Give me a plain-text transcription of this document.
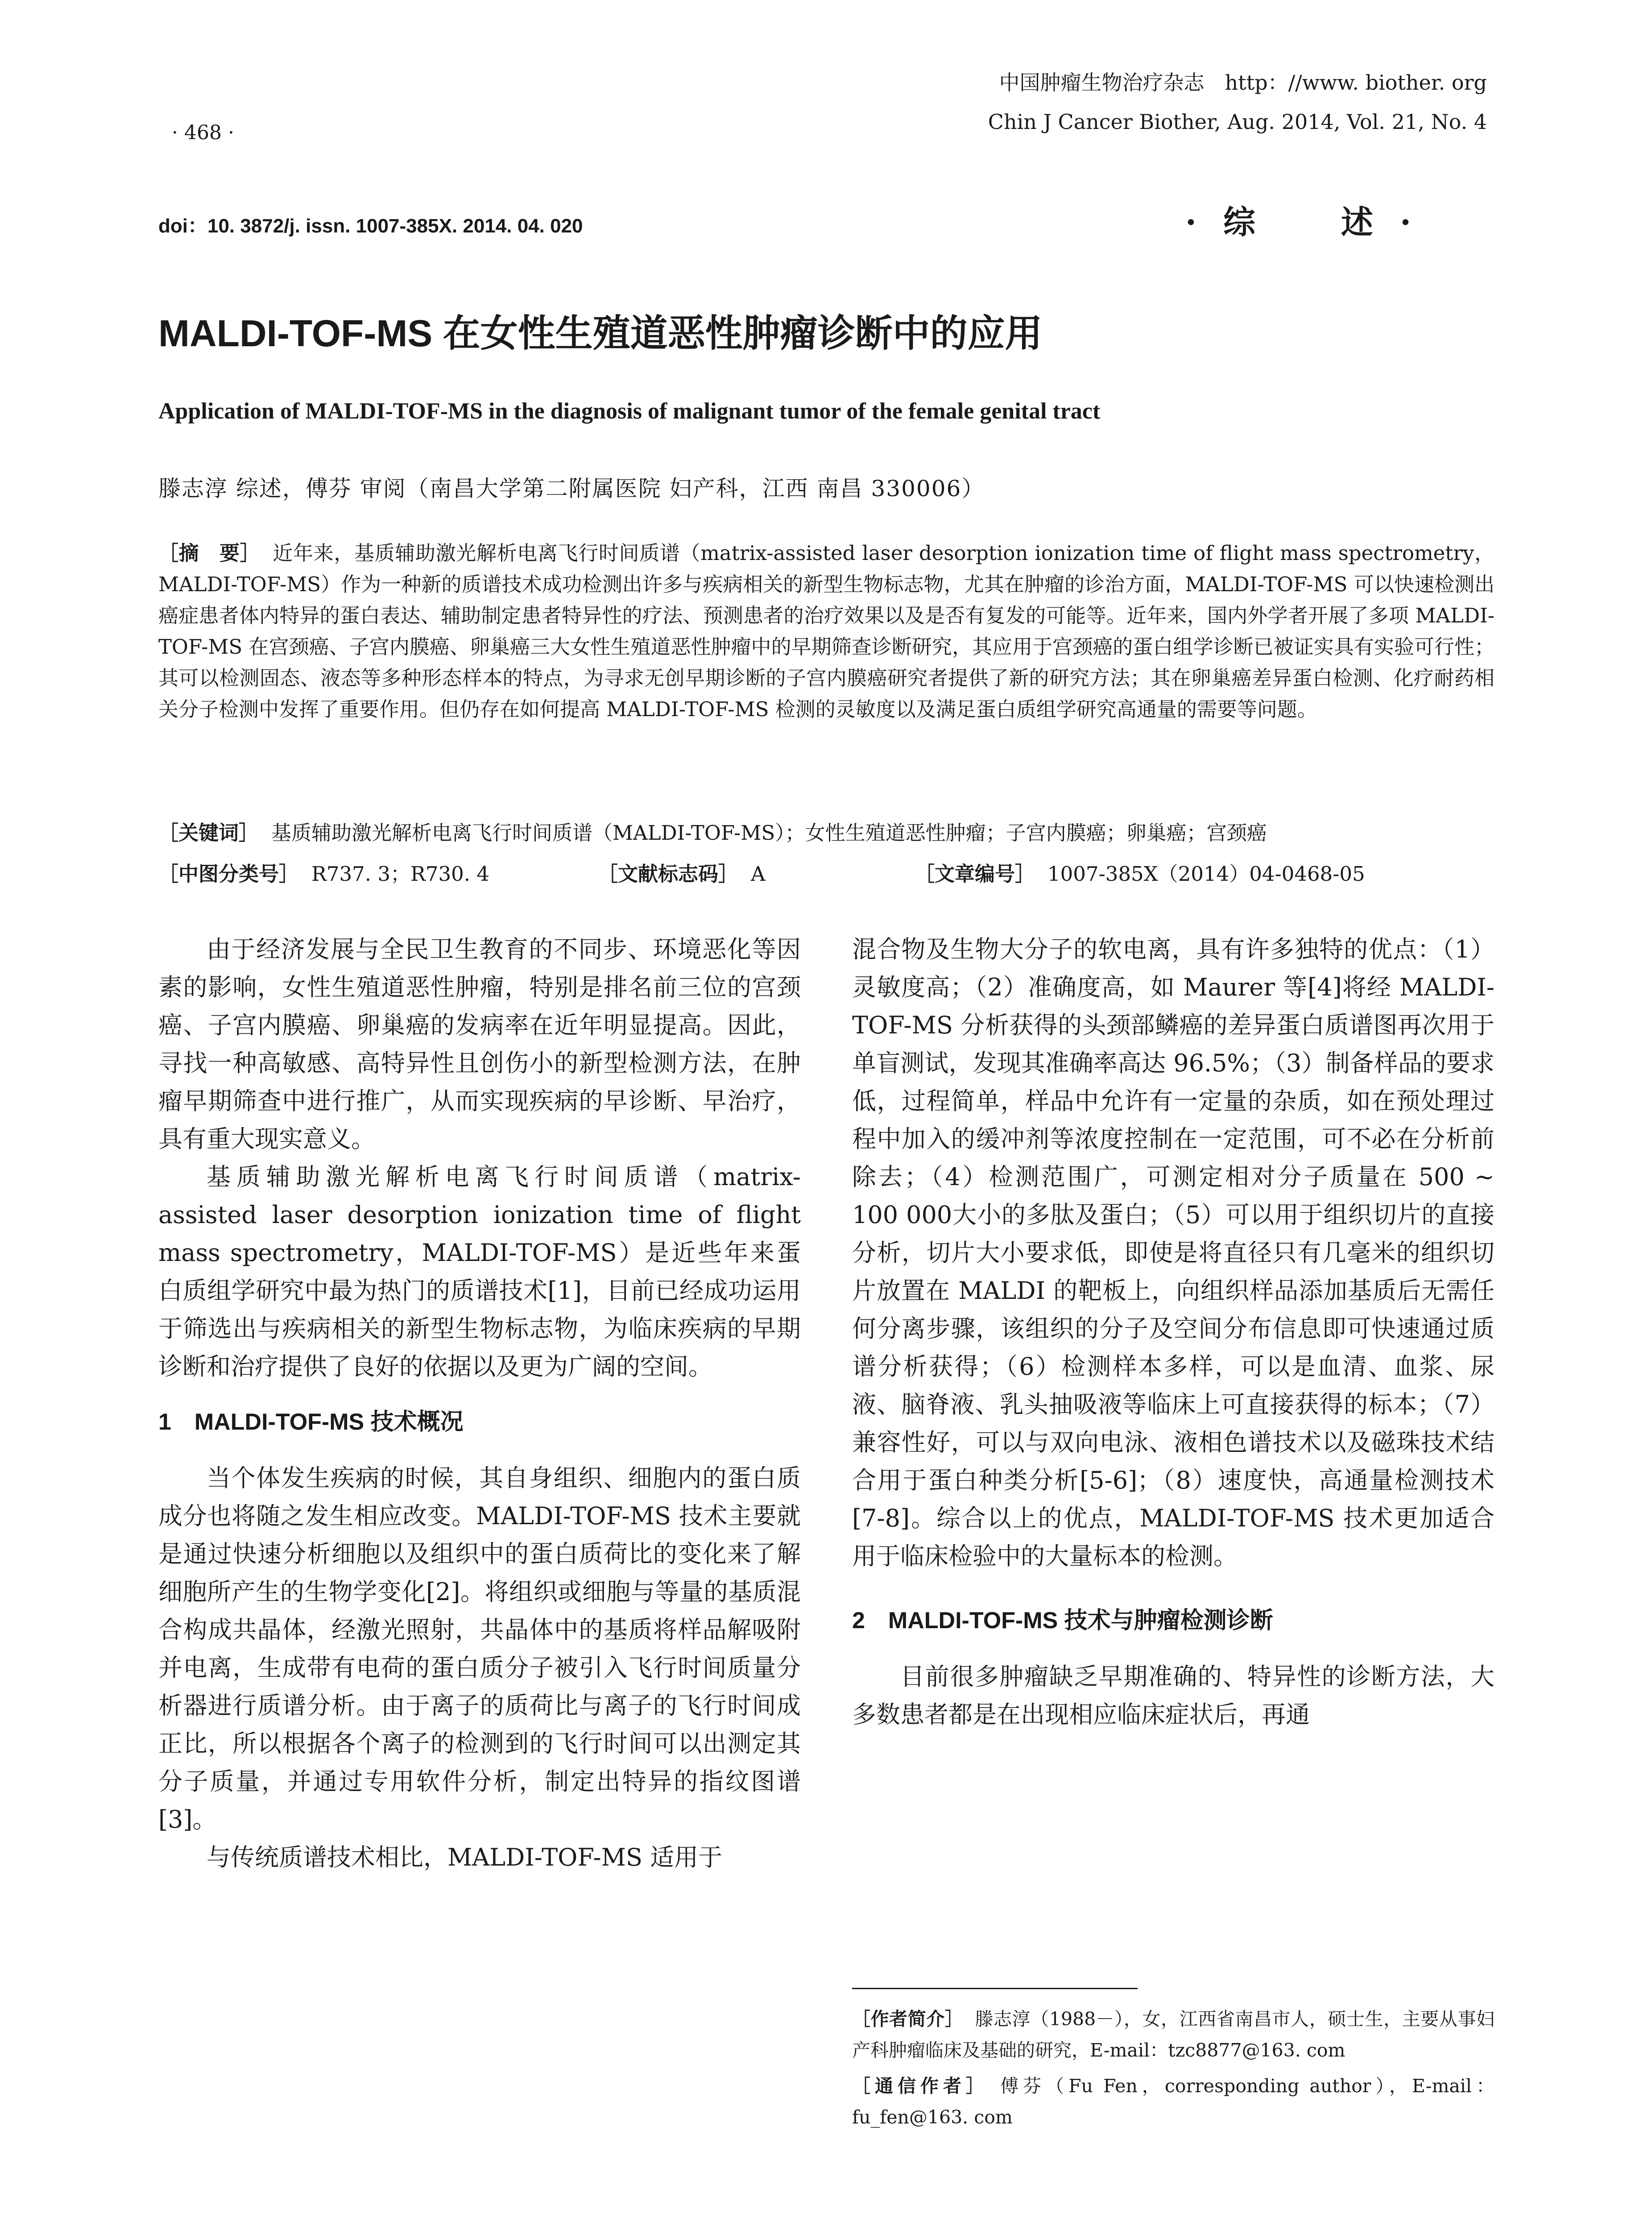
· 468 ·
中国肿瘤生物治疗杂志　http：//www. biother. org
Chin J Cancer Biother, Aug. 2014, Vol. 21, No. 4
doi：10. 3872/j. issn. 1007-385X. 2014. 04. 020	·综　述·
MALDI-TOF-MS 在女性生殖道恶性肿瘤诊断中的应用
Application of MALDI-TOF-MS in the diagnosis of malignant tumor of the female genital tract
滕志淳 综述，傅芬 审阅（南昌大学第二附属医院 妇产科，江西 南昌 330006）
［摘　要］ 近年来，基质辅助激光解析电离飞行时间质谱（matrix-assisted laser desorption ionization time of flight mass spectrometry，MALDI-TOF-MS）作为一种新的质谱技术成功检测出许多与疾病相关的新型生物标志物，尤其在肿瘤的诊治方面，MALDI-TOF-MS 可以快速检测出癌症患者体内特异的蛋白表达、辅助制定患者特异性的疗法、预测患者的治疗效果以及是否有复发的可能等。近年来，国内外学者开展了多项 MALDI-TOF-MS 在宫颈癌、子宫内膜癌、卵巢癌三大女性生殖道恶性肿瘤中的早期筛查诊断研究，其应用于宫颈癌的蛋白组学诊断已被证实具有实验可行性；其可以检测固态、液态等多种形态样本的特点，为寻求无创早期诊断的子宫内膜癌研究者提供了新的研究方法；其在卵巢癌差异蛋白检测、化疗耐药相关分子检测中发挥了重要作用。但仍存在如何提高 MALDI-TOF-MS 检测的灵敏度以及满足蛋白质组学研究高通量的需要等问题。
［关键词］ 基质辅助激光解析电离飞行时间质谱（MALDI-TOF-MS）；女性生殖道恶性肿瘤；子宫内膜癌；卵巢癌；宫颈癌
［中图分类号］ R737. 3；R730. 4	［文献标志码］ A	［文章编号］ 1007-385X（2014）04-0468-05

由于经济发展与全民卫生教育的不同步、环境恶化等因素的影响，女性生殖道恶性肿瘤，特别是排名前三位的宫颈癌、子宫内膜癌、卵巢癌的发病率在近年明显提高。因此，寻找一种高敏感、高特异性且创伤小的新型检测方法，在肿瘤早期筛查中进行推广，从而实现疾病的早诊断、早治疗，具有重大现实意义。

基质辅助激光解析电离飞行时间质谱（matrix-assisted laser desorption ionization time of flight mass spectrometry，MALDI-TOF-MS）是近些年来蛋白质组学研究中最为热门的质谱技术[1]，目前已经成功运用于筛选出与疾病相关的新型生物标志物，为临床疾病的早期诊断和治疗提供了良好的依据以及更为广阔的空间。

1　MALDI-TOF-MS 技术概况

当个体发生疾病的时候，其自身组织、细胞内的蛋白质成分也将随之发生相应改变。MALDI-TOF-MS 技术主要就是通过快速分析细胞以及组织中的蛋白质荷比的变化来了解细胞所产生的生物学变化[2]。将组织或细胞与等量的基质混合构成共晶体，经激光照射，共晶体中的基质将样品解吸附并电离，生成带有电荷的蛋白质分子被引入飞行时间质量分析器进行质谱分析。由于离子的质荷比与离子的飞行时间成正比，所以根据各个离子的检测到的飞行时间可以出测定其分子质量，并通过专用软件分析，制定出特异的指纹图谱[3]。

与传统质谱技术相比，MALDI-TOF-MS 适用于

混合物及生物大分子的软电离，具有许多独特的优点：（1）灵敏度高；（2）准确度高，如 Maurer 等[4]将经 MALDI-TOF-MS 分析获得的头颈部鳞癌的差异蛋白质谱图再次用于单盲测试，发现其准确率高达 96.5%；（3）制备样品的要求低，过程简单，样品中允许有一定量的杂质，如在预处理过程中加入的缓冲剂等浓度控制在一定范围，可不必在分析前除去；（4）检测范围广，可测定相对分子质量在 500 ~ 100 000大小的多肽及蛋白；（5）可以用于组织切片的直接分析，切片大小要求低，即使是将直径只有几毫米的组织切片放置在 MALDI 的靶板上，向组织样品添加基质后无需任何分离步骤，该组织的分子及空间分布信息即可快速通过质谱分析获得；（6）检测样本多样，可以是血清、血浆、尿液、脑脊液、乳头抽吸液等临床上可直接获得的标本；（7）兼容性好，可以与双向电泳、液相色谱技术以及磁珠技术结合用于蛋白种类分析[5-6]；（8）速度快，高通量检测技术[7-8]。综合以上的优点，MALDI-TOF-MS 技术更加适合用于临床检验中的大量标本的检测。

2　MALDI-TOF-MS 技术与肿瘤检测诊断

目前很多肿瘤缺乏早期准确的、特异性的诊断方法，大多数患者都是在出现相应临床症状后，再通

［作者简介］ 滕志淳（1988－），女，江西省南昌市人，硕士生，主要从事妇产科肿瘤临床及基础的研究，E-mail：tzc8877@163. com
［通信作者］ 傅芬（Fu Fen，corresponding author），E-mail：fu_fen@163. com
